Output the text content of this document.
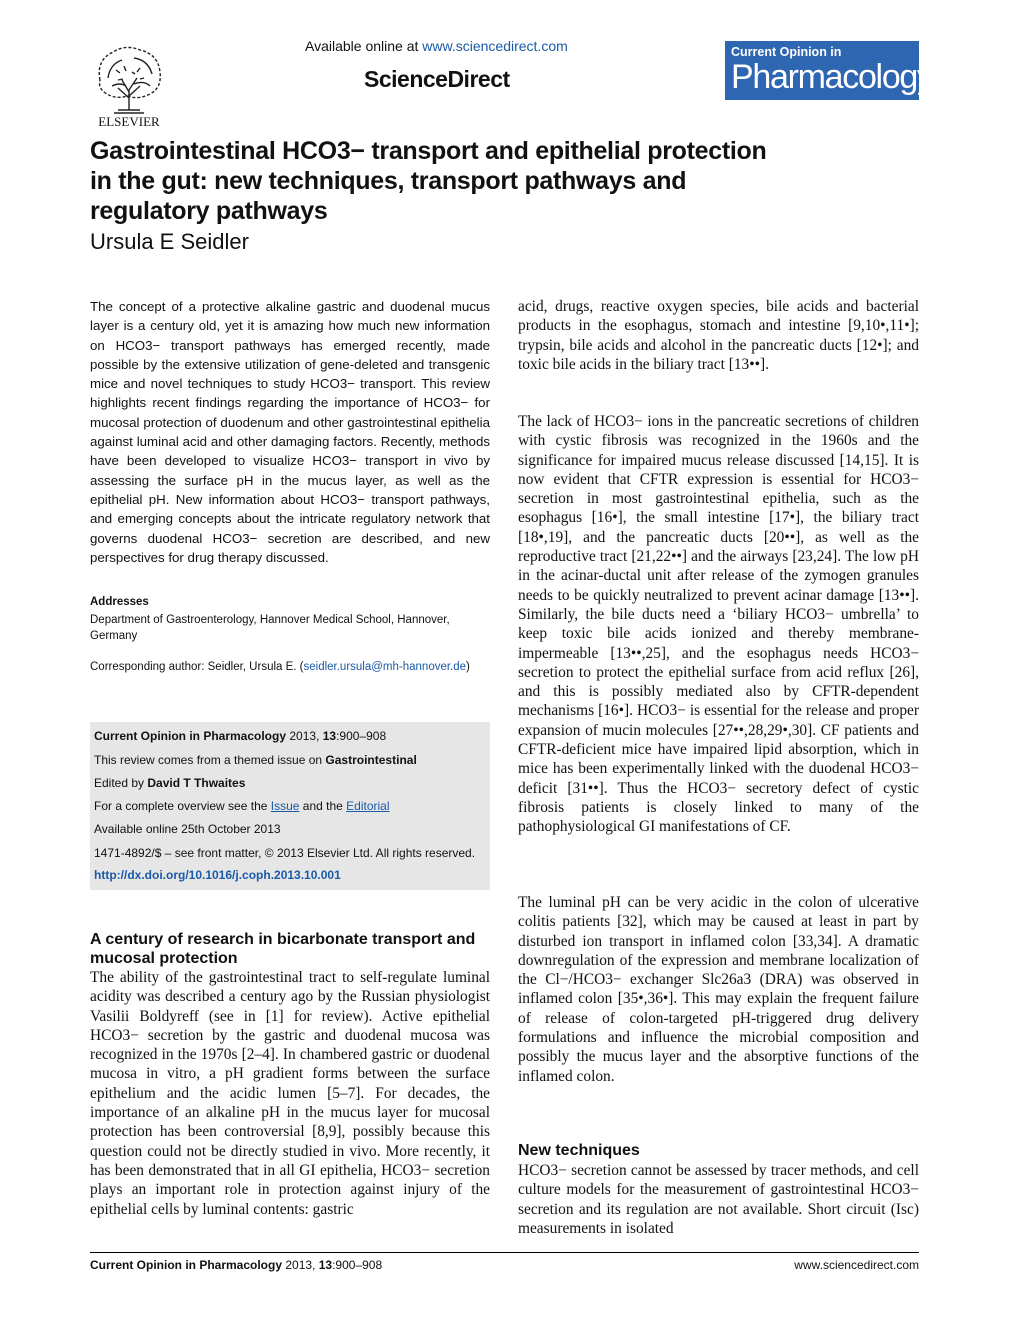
ELSEVIER
Available online at www.sciencedirect.com
ScienceDirect
Current Opinion in
Pharmacology
Gastrointestinal HCO3− transport and epithelial protection
in the gut: new techniques, transport pathways and
regulatory pathways
Ursula E Seidler
The concept of a protective alkaline gastric and duodenal mucus layer is a century old, yet it is amazing how much new information on HCO3− transport pathways has emerged recently, made possible by the extensive utilization of gene-deleted and transgenic mice and novel techniques to study HCO3− transport. This review highlights recent findings regarding the importance of HCO3− for mucosal protection of duodenum and other gastrointestinal epithelia against luminal acid and other damaging factors. Recently, methods have been developed to visualize HCO3− transport in vivo by assessing the surface pH in the mucus layer, as well as the epithelial pH. New information about HCO3− transport pathways, and emerging concepts about the intricate regulatory network that governs duodenal HCO3− secretion are described, and new perspectives for drug therapy discussed.
Addresses
Department of Gastroenterology, Hannover Medical School, Hannover, Germany
Corresponding author: Seidler, Ursula E. (seidler.ursula@mh-hannover.de)
Current Opinion in Pharmacology 2013, 13:900–908
This review comes from a themed issue on Gastrointestinal
Edited by David T Thwaites
For a complete overview see the Issue and the Editorial
Available online 25th October 2013
1471-4892/$ – see front matter, © 2013 Elsevier Ltd. All rights reserved.
http://dx.doi.org/10.1016/j.coph.2013.10.001
A century of research in bicarbonate transport and mucosal protection
The ability of the gastrointestinal tract to self-regulate luminal acidity was described a century ago by the Russian physiologist Vasilii Boldyreff (see in [1] for review). Active epithelial HCO3− secretion by the gastric and duodenal mucosa was recognized in the 1970s [2–4]. In chambered gastric or duodenal mucosa in vitro, a pH gradient forms between the surface epithelium and the acidic lumen [5–7]. For decades, the importance of an alkaline pH in the mucus layer for mucosal protection has been controversial [8,9], possibly because this question could not be directly studied in vivo. More recently, it has been demonstrated that in all GI epithelia, HCO3− secretion plays an important role in protection against injury of the epithelial cells by luminal contents: gastric
acid, drugs, reactive oxygen species, bile acids and bacterial products in the esophagus, stomach and intestine [9,10•,11•]; trypsin, bile acids and alcohol in the pancreatic ducts [12•]; and toxic bile acids in the biliary tract [13••].
The lack of HCO3− ions in the pancreatic secretions of children with cystic fibrosis was recognized in the 1960s and the significance for impaired mucus release discussed [14,15]. It is now evident that CFTR expression is essential for HCO3− secretion in most gastrointestinal epithelia, such as the esophagus [16•], the small intestine [17•], the biliary tract [18•,19], and the pancreatic ducts [20••], as well as the reproductive tract [21,22••] and the airways [23,24]. The low pH in the acinar-ductal unit after release of the zymogen granules needs to be quickly neutralized to prevent acinar damage [13••]. Similarly, the bile ducts need a ‘biliary HCO3− umbrella’ to keep toxic bile acids ionized and thereby membrane-impermeable [13••,25], and the esophagus needs HCO3− secretion to protect the epithelial surface from acid reflux [26], and this is possibly mediated also by CFTR-dependent mechanisms [16•]. HCO3− is essential for the release and proper expansion of mucin molecules [27••,28,29•,30]. CF patients and CFTR-deficient mice have impaired lipid absorption, which in mice has been experimentally linked with the duodenal HCO3− deficit [31••]. Thus the HCO3− secretory defect of cystic fibrosis patients is closely linked to many of the pathophysiological GI manifestations of CF.
The luminal pH can be very acidic in the colon of ulcerative colitis patients [32], which may be caused at least in part by disturbed ion transport in inflamed colon [33,34]. A dramatic downregulation of the expression and membrane localization of the Cl−/HCO3− exchanger Slc26a3 (DRA) was observed in inflamed colon [35•,36•]. This may explain the frequent failure of release of colon-targeted pH-triggered drug delivery formulations and influence the microbial composition and possibly the mucus layer and the absorptive functions of the inflamed colon.
New techniques
HCO3− secretion cannot be assessed by tracer methods, and cell culture models for the measurement of gastrointestinal HCO3− secretion and its regulation are not available. Short circuit (Isc) measurements in isolated
Current Opinion in Pharmacology 2013, 13:900–908	www.sciencedirect.com
